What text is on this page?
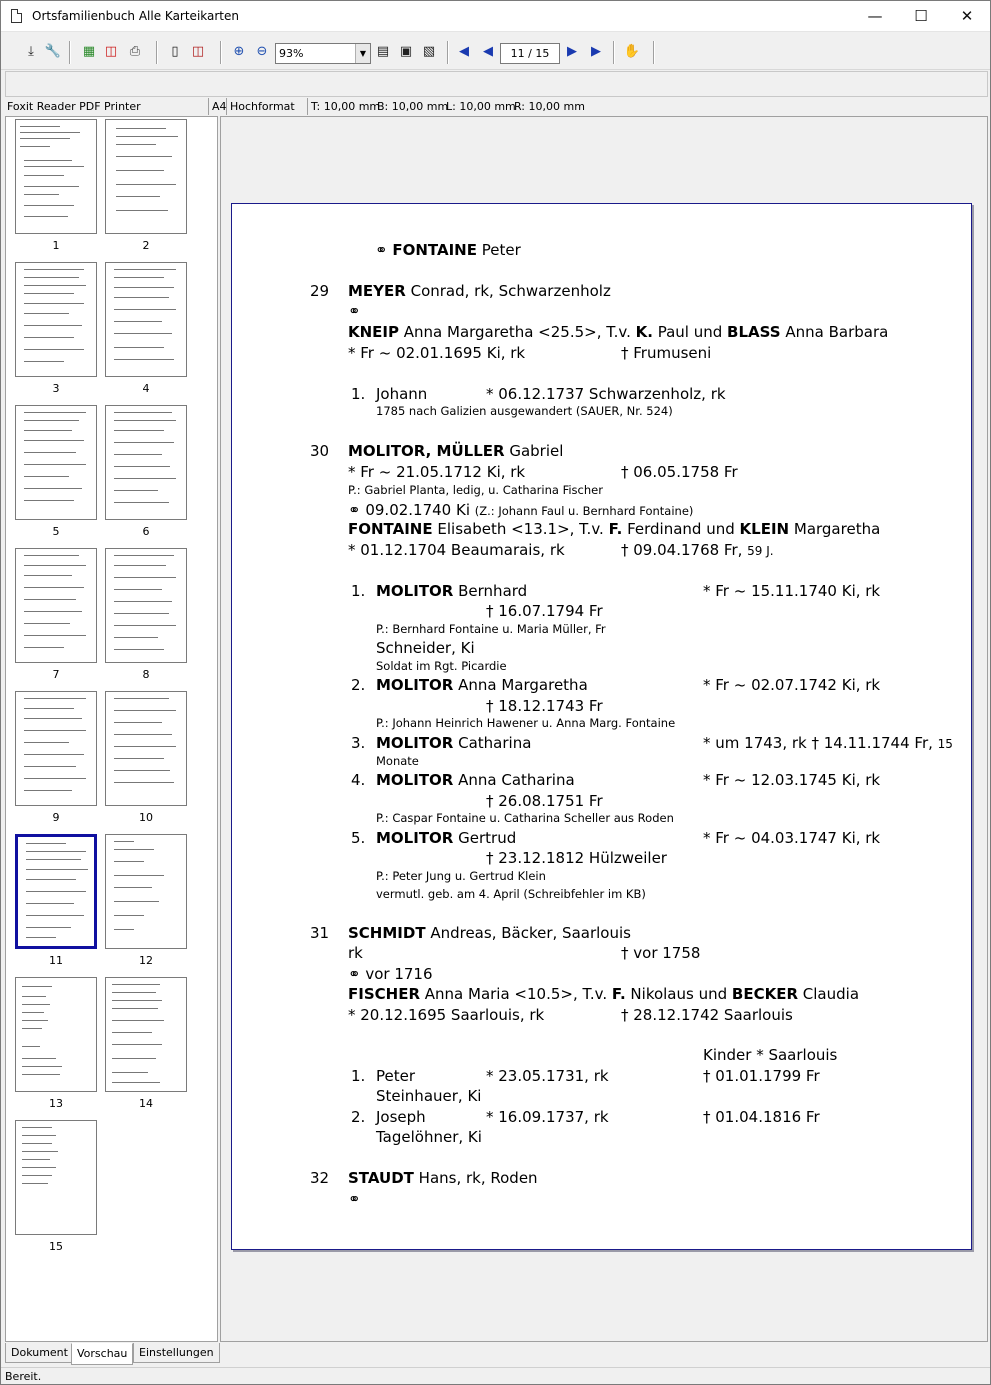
Ortsfamilienbuch Alle Karteikarten	—	☐	✕
⤓ 🔧 ▦ ◫ ⎙	▯	◫	⊕ ⊖	▤ ▣ ▧	◀	◀	▶	▶	✋
93%	▼	11 / 15
Foxit Reader PDF Printer	A4 Hochformat	T: 10,00 mm
B: 10,00 mm
L: 10,00 mm
R: 10,00 mm
1	2
3	4
5	6
7	8
9	10
11	12
13	14
15
⚭ FONTAINE Peter
29 MEYER Conrad, rk, Schwarzenholz
⚭
KNEIP Anna Margaretha <25.5>, T.v. K. Paul und BLASS Anna Barbara
* Fr ~ 02.01.1695 Ki, rk	† Frumuseni
1. Johann	* 06.12.1737 Schwarzenholz, rk
1785 nach Galizien ausgewandert (SAUER, Nr. 524)
30 MOLITOR, MÜLLER Gabriel
* Fr ~ 21.05.1712 Ki, rk	† 06.05.1758 Fr
P.: Gabriel Planta, ledig, u. Catharina Fischer
⚭ 09.02.1740 Ki (Z.: Johann Faul u. Bernhard Fontaine)
FONTAINE Elisabeth <13.1>, T.v. F. Ferdinand und KLEIN Margaretha
* 01.12.1704 Beaumarais, rk	† 09.04.1768 Fr, 59 J.
1. MOLITOR Bernhard	* Fr ~ 15.11.1740 Ki, rk
† 16.07.1794 Fr
P.: Bernhard Fontaine u. Maria Müller, Fr
Schneider, Ki
Soldat im Rgt. Picardie
2. MOLITOR Anna Margaretha	* Fr ~ 02.07.1742 Ki, rk
† 18.12.1743 Fr
P.: Johann Heinrich Hawener u. Anna Marg. Fontaine
3. MOLITOR Catharina	* um 1743, rk † 14.11.1744 Fr, 15
Monate
4. MOLITOR Anna Catharina	* Fr ~ 12.03.1745 Ki, rk
† 26.08.1751 Fr
P.: Caspar Fontaine u. Catharina Scheller aus Roden
5. MOLITOR Gertrud	* Fr ~ 04.03.1747 Ki, rk
† 23.12.1812 Hülzweiler
P.: Peter Jung u. Gertrud Klein
vermutl. geb. am 4. April (Schreibfehler im KB)
31 SCHMIDT Andreas, Bäcker, Saarlouis
rk	† vor 1758
⚭ vor 1716
FISCHER Anna Maria <10.5>, T.v. F. Nikolaus und BECKER Claudia
* 20.12.1695 Saarlouis, rk	† 28.12.1742 Saarlouis
Kinder * Saarlouis
1. Peter	* 23.05.1731, rk	† 01.01.1799 Fr
Steinhauer, Ki
2. Joseph	* 16.09.1737, rk	† 01.04.1816 Fr
Tagelöhner, Ki
32 STAUDT Hans, rk, Roden
⚭
Dokument Vorschau	Einstellungen
Bereit.
